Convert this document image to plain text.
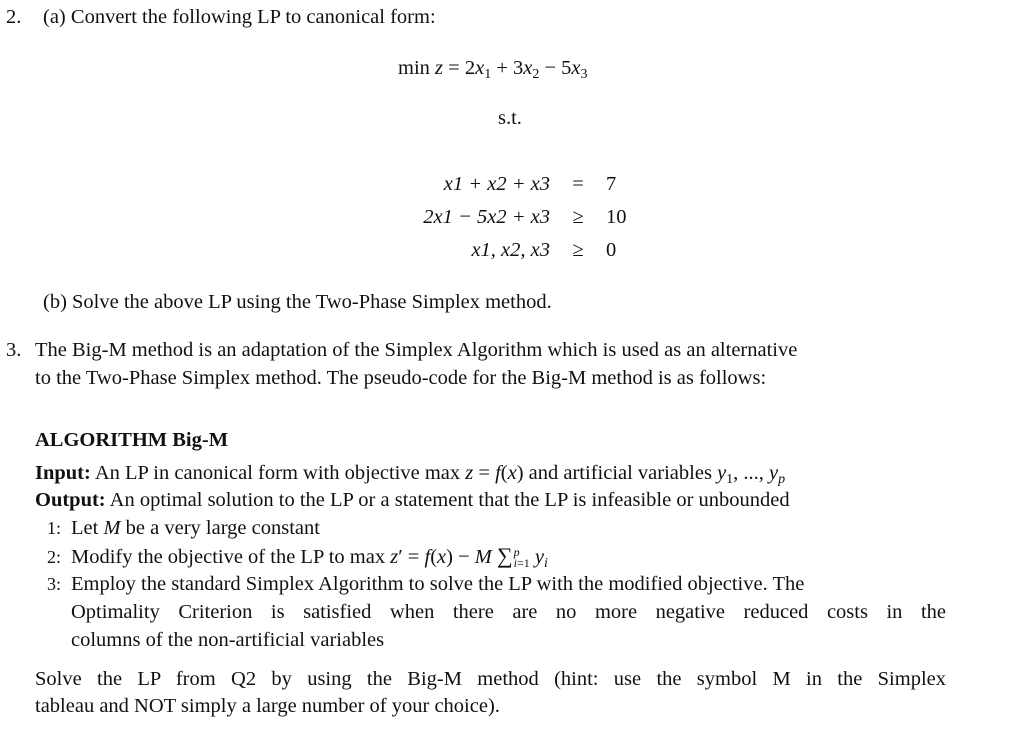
2. (a) Convert the following LP to canonical form:
$\min z = 2x_1 + 3x_2 - 5x_3$
s.t.
x1 + x2 + x3	=	7
2x1 − 5x2 + x3	≥	10
x1, x2, x3	≥	0
(b) Solve the above LP using the Two-Phase Simplex method.
3. The Big-M method is an adaptation of the Simplex Algorithm which is used as an alternative
to the Two-Phase Simplex method. The pseudo-code for the Big-M method is as follows:
ALGORITHM Big-M
Input: An LP in canonical form with objective max z = f(x) and artificial variables $y_1$, ..., $y_p$
Output: An optimal solution to the LP or a statement that the LP is infeasible or unbounded
1: Let M be a very large constant
2: Modify the objective of the LP to max z′ = f(x) − M ∑ p
i=1 $y_i$
3: Employ the standard Simplex Algorithm to solve the LP with the modified objective. The
Optimality Criterion is satisfied when there are no more negative reduced costs in the
columns of the non-artificial variables
Solve the LP from Q2 by using the Big-M method (hint: use the symbol M in the Simplex
tableau and NOT simply a large number of your choice).
